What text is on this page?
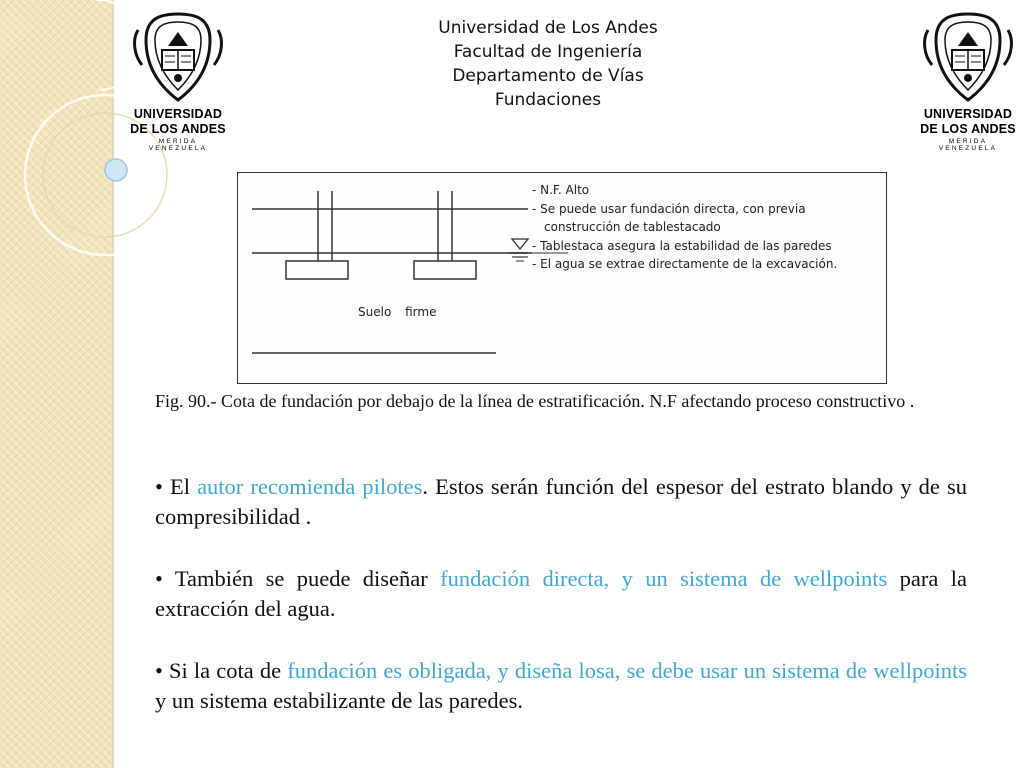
UNIVERSIDAD
DE LOS ANDES
MERIDA VENEZUELA
UNIVERSIDAD
DE LOS ANDES
MERIDA VENEZUELA
Universidad de Los Andes
Facultad de Ingeniería
Departamento de Vías
Fundaciones
- N.F. Alto
- Se puede usar fundación directa, con previa
construcción de tablestacado
- Tablestaca asegura la estabilidad de las paredes
- El agua se extrae directamente de la excavación.
Suelo firme
Fig. 90.- Cota de fundación por debajo de la línea de estratificación. N.F afectando proceso constructivo .
• El autor recomienda pilotes. Estos serán función del espesor del estrato blando y de su compresibilidad .
• También se puede diseñar fundación directa, y un sistema de wellpoints para la extracción del agua.
• Si la cota de fundación es obligada, y diseña losa, se debe usar un sistema de wellpoints y un sistema estabilizante de las paredes.
